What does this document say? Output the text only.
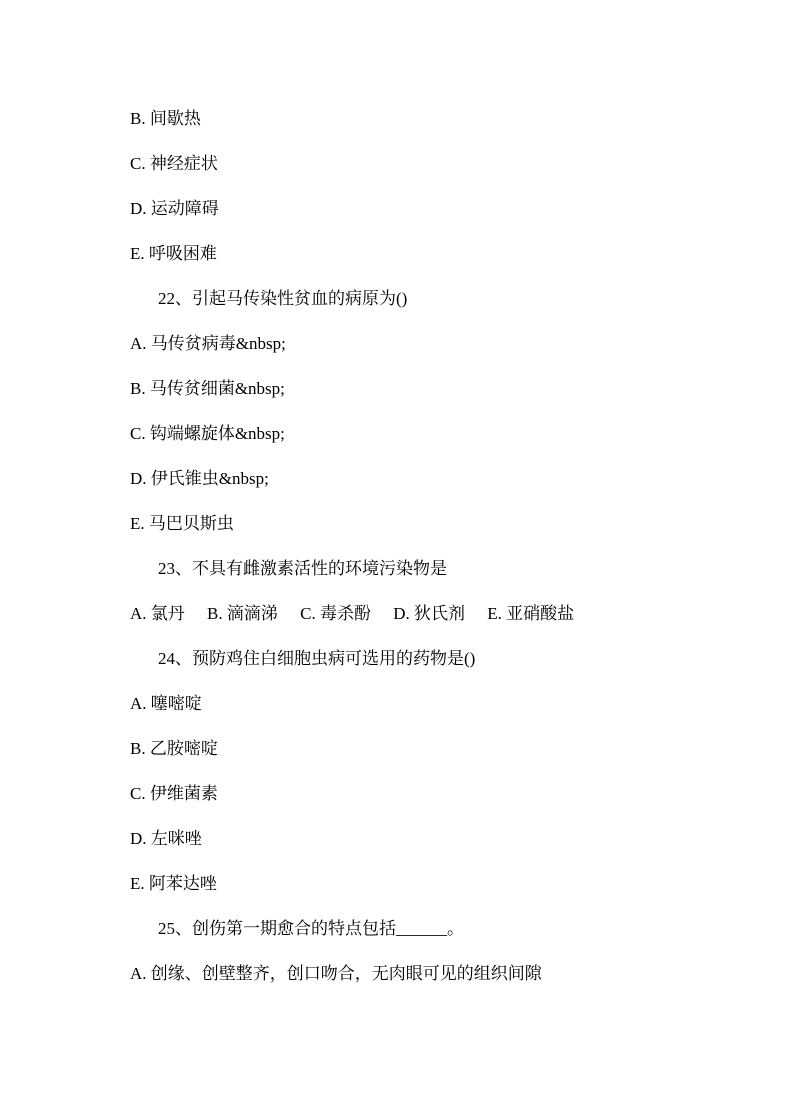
B. 间歇热
C. 神经症状
D. 运动障碍
E. 呼吸困难
22、引起马传染性贫血的病原为()
A. 马传贫病毒&nbsp;
B. 马传贫细菌&nbsp;
C. 钩端螺旋体&nbsp;
D. 伊氏锥虫&nbsp;
E. 马巴贝斯虫
23、不具有雌激素活性的环境污染物是
A. 氯丹 B. 滴滴涕 C. 毒杀酚 D. 狄氏剂 E. 亚硝酸盐
24、预防鸡住白细胞虫病可选用的药物是()
A. 噻嘧啶
B. 乙胺嘧啶
C. 伊维菌素
D. 左咪唑
E. 阿苯达唑
25、创伤第一期愈合的特点包括______。
A. 创缘、创壁整齐，创口吻合，无肉眼可见的组织间隙
